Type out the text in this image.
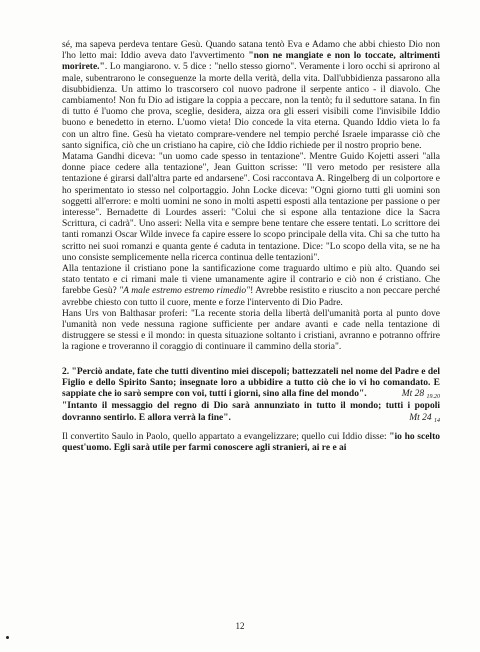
sé, ma sapeva perdeva tentare Gesù. Quando satana tentò Eva e Adamo che abbi chiesto Dio non l'ho letto mai: Iddio aveva dato l'avvertimento "non ne mangiate e non lo toccate, altrimenti morirete.". Lo mangiarono. v. 5 dice : "nello stesso giorno". Veramente i loro occhi si aprirono al male, subentrarono le conseguenze la morte della verità, della vita. Dall'ubbidienza passarono alla disubbidienza. Un attimo lo trascorsero col nuovo padrone il serpente antico - il diavolo. Che cambiamento! Non fu Dio ad istigare la coppia a peccare, non la tentò; fu il seduttore satana. In fin di tutto é l'uomo che prova, sceglie, desidera, aizza ora gli esseri visibili come l'invisibile Iddio buono e benedetto in eterno. L'uomo vieta! Dio concede la vita eterna. Quando Iddio vieta lo fa con un altro fine. Gesù ha vietato comprare-vendere nel tempio perché Israele imparasse ciò che santo significa, ciò che un cristiano ha capire, ciò che Iddio richiede per il nostro proprio bene.

Matama Gandhi diceva: "un uomo cade spesso in tentazione". Mentre Guido Kojetti asseri "alla donne piace cedere alla tentazione", Jean Guitton scrisse: "Il vero metodo per resistere alla tentazione é girarsi dall'altra parte ed andarsene". Cosi raccontava A. Ringelberg di un colportore e ho sperimentato io stesso nel colportaggio. John Locke diceva: "Ogni giorno tutti gli uomini son soggetti all'errore: e molti uomini ne sono in molti aspetti esposti alla tentazione per passione o per interesse". Bernadette di Lourdes asseri: "Colui che si espone alla tentazione dice la Sacra Scrittura, ci cadrà". Uno asseri: Nella vita e sempre bene tentare che essere tentati. Lo scrittore dei tanti romanzi Oscar Wilde invece fa capire essere lo scopo principale della vita. Chi sa che tutto ha scritto nei suoi romanzi e quanta gente é caduta in tentazione. Dice: "Lo scopo della vita, se ne ha uno consiste semplicemente nella ricerca continua delle tentazioni".

Alla tentazione il cristiano pone la santificazione come traguardo ultimo e più alto. Quando sei stato tentato e ci rimani male ti viene umanamente agire il contrario e ciò non é cristiano. Che farebbe Gesù? "A male estremo estremo rimedio"! Avrebbe resistito e riuscito a non peccare perché avrebbe chiesto con tutto il cuore, mente e forze l'intervento di Dio Padre.

Hans Urs von Balthasar proferi: "La recente storia della libertà dell'umanità porta al punto dove l'umanità non vede nessuna ragione sufficiente per andare avanti e cade nella tentazione di distruggere se stessi e il mondo: in questa situazione soltanto i cristiani, avranno e potranno offrire la ragione e troveranno il coraggio di continuare il cammino della storia".

2. "Perciò andate, fate che tutti diventino miei discepoli; battezzateli nel nome del Padre e del Figlio e dello Spirito Santo; insegnate loro a ubbidire a tutto ciò che io vi ho comandato. E sappiate che io sarò sempre con voi, tutti i giorni, sino alla fine del mondo".	Mt 28 $_{19.20}$

"Intanto il messaggio del regno di Dio sarà annunziato in tutto il mondo; tutti i popoli dovranno sentirlo. E allora verrà la fine".	Mt 24 $_{14}$

Il convertito Saulo in Paolo, quello appartato a evangelizzare; quello cui Iddio disse: "io ho scelto quest'uomo. Egli sarà utile per farmi conoscere agli stranieri, ai re e ai

12
